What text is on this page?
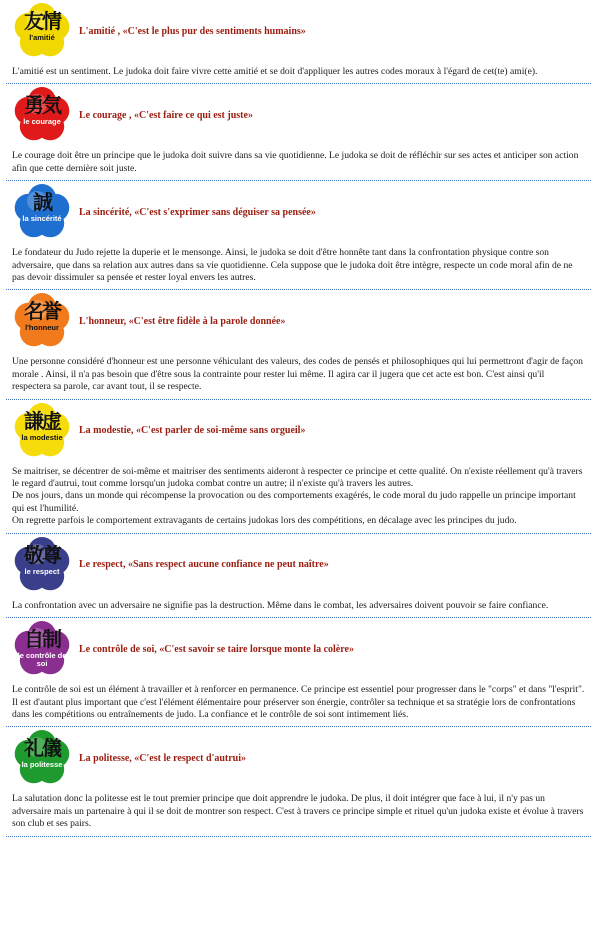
友情
l'amitié
L'amitié , «C'est le plus pur des sentiments humains»

L'amitié est un sentiment. Le judoka doit faire vivre cette amitié et se doit d'appliquer les autres codes moraux à l'égard de cet(te) ami(e).

勇気
le courage
Le courage , «C'est faire ce qui est juste»

Le courage doit être un principe que le judoka doit suivre dans sa vie quotidienne. Le judoka se doit de réfléchir sur ses actes et anticiper son action afin que cette dernière soit juste.

誠
la sincérité
La sincérité, «C'est s'exprimer sans déguiser sa pensée»

Le fondateur du Judo rejette la duperie et le mensonge. Ainsi, le judoka se doit d'être honnête tant dans la confrontation physique contre son adversaire, que dans sa relation aux autres dans sa vie quotidienne. Cela suppose que le judoka doit être intègre, respecte un code moral afin de ne pas devoir dissimuler sa pensée et rester loyal envers les autres.

名誉
l'honneur
L'honneur, «C'est être fidèle à la parole donnée»

Une personne considéré d'honneur est une personne véhiculant des valeurs, des codes de pensés et philosophiques qui lui permettront d'agir de façon morale . Ainsi, il n'a pas besoin que d'être sous la contrainte pour rester lui même. Il agira car il jugera que cet acte est bon. C'est ainsi qu'il respectera sa parole, car avant tout, il se respecte.

謙虚
la modestie
La modestie, «C'est parler de soi-même sans orgueil»

Se maitriser, se décentrer de soi-même et maitriser des sentiments aideront à respecter ce principe et cette qualité. On n'existe réellement qu'à travers le regard d'autrui, tout comme lorsqu'un judoka combat contre un autre; il n'existe qu'à travers les autres.

De nos jours, dans un monde qui récompense la provocation ou des comportements exagérés, le code moral du judo rappelle un principe important qui est l'humilité.

On regrette parfois le comportement extravagants de certains judokas lors des compétitions, en décalage avec les principes du judo.

敬尊
le respect
Le respect, «Sans respect aucune confiance ne peut naître»

La confrontation avec un adversaire ne signifie pas la destruction. Même dans le combat, les adversaires doivent pouvoir se faire confiance.

自制
le contrôle de soi
Le contrôle de soi, «C'est savoir se taire lorsque monte la colère»

Le contrôle de soi est un élément à travailler et à renforcer en permanence. Ce principe est essentiel pour progresser dans le "corps" et dans "l'esprit". Il est d'autant plus important que c'est l'élément élémentaire pour préserver son énergie, contrôler sa technique et sa stratégie lors de confrontations dans les compétitions ou entraînements de judo. La confiance et le contrôle de soi sont intimement liés.

礼儀
la politesse
La politesse, «C'est le respect d'autrui»

La salutation donc la politesse est le tout premier principe que doit apprendre le judoka. De plus, il doit intégrer que face à lui, il n'y pas un adversaire mais un partenaire à qui il se doit de montrer son respect. C'est à travers ce principe simple et rituel qu'un judoka existe et évolue à travers son club et ses pairs.
